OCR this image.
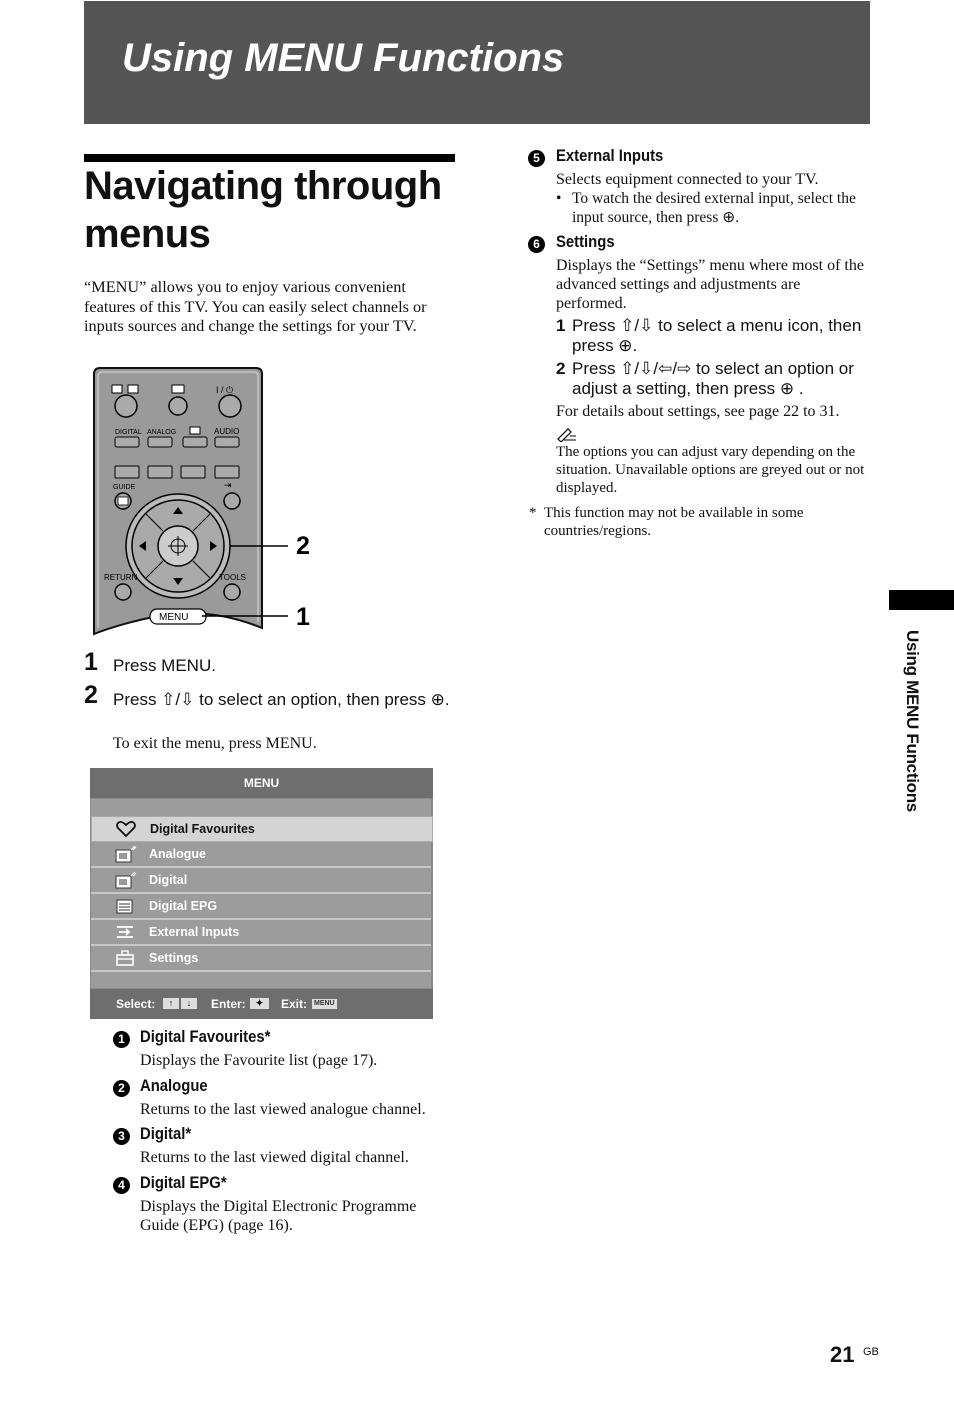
Using MENU Functions
Navigating through menus
“MENU” allows you to enjoy various convenient features of this TV. You can easily select channels or inputs sources and change the settings for your TV.
I / ⏻
DIGITAL ANALOG	AUDIO
GUIDE	⇥
RETURN	TOOLS
MENU
2
1
1 Press MENU.
2 Press ⇧/⇩ to select an option, then press ⊕.
To exit the menu, press MENU.
MENU
Digital Favourites
Analogue
Digital
Digital EPG
External Inputs
Settings
Select:	↑	↓	Enter:	✦	Exit: MENU
1 Digital Favourites*
Displays the Favourite list (page 17).
2 Analogue
Returns to the last viewed analogue channel.
3 Digital*
Returns to the last viewed digital channel.
4 Digital EPG*
Displays the Digital Electronic Programme Guide (EPG) (page 16).
5 External Inputs
Selects equipment connected to your TV.
• To watch the desired external input, select the input source, then press ⊕.
6 Settings
Displays the “Settings” menu where most of the advanced settings and adjustments are performed.
1 Press ⇧/⇩ to select a menu icon, then press ⊕.
2 Press ⇧/⇩/⇦/⇨ to select an option or adjust a setting, then press ⊕ .
For details about settings, see page 22 to 31.
The options you can adjust vary depending on the situation. Unavailable options are greyed out or not displayed.
* This function may not be available in some countries/regions.
Using MENU Functions
21 GB
